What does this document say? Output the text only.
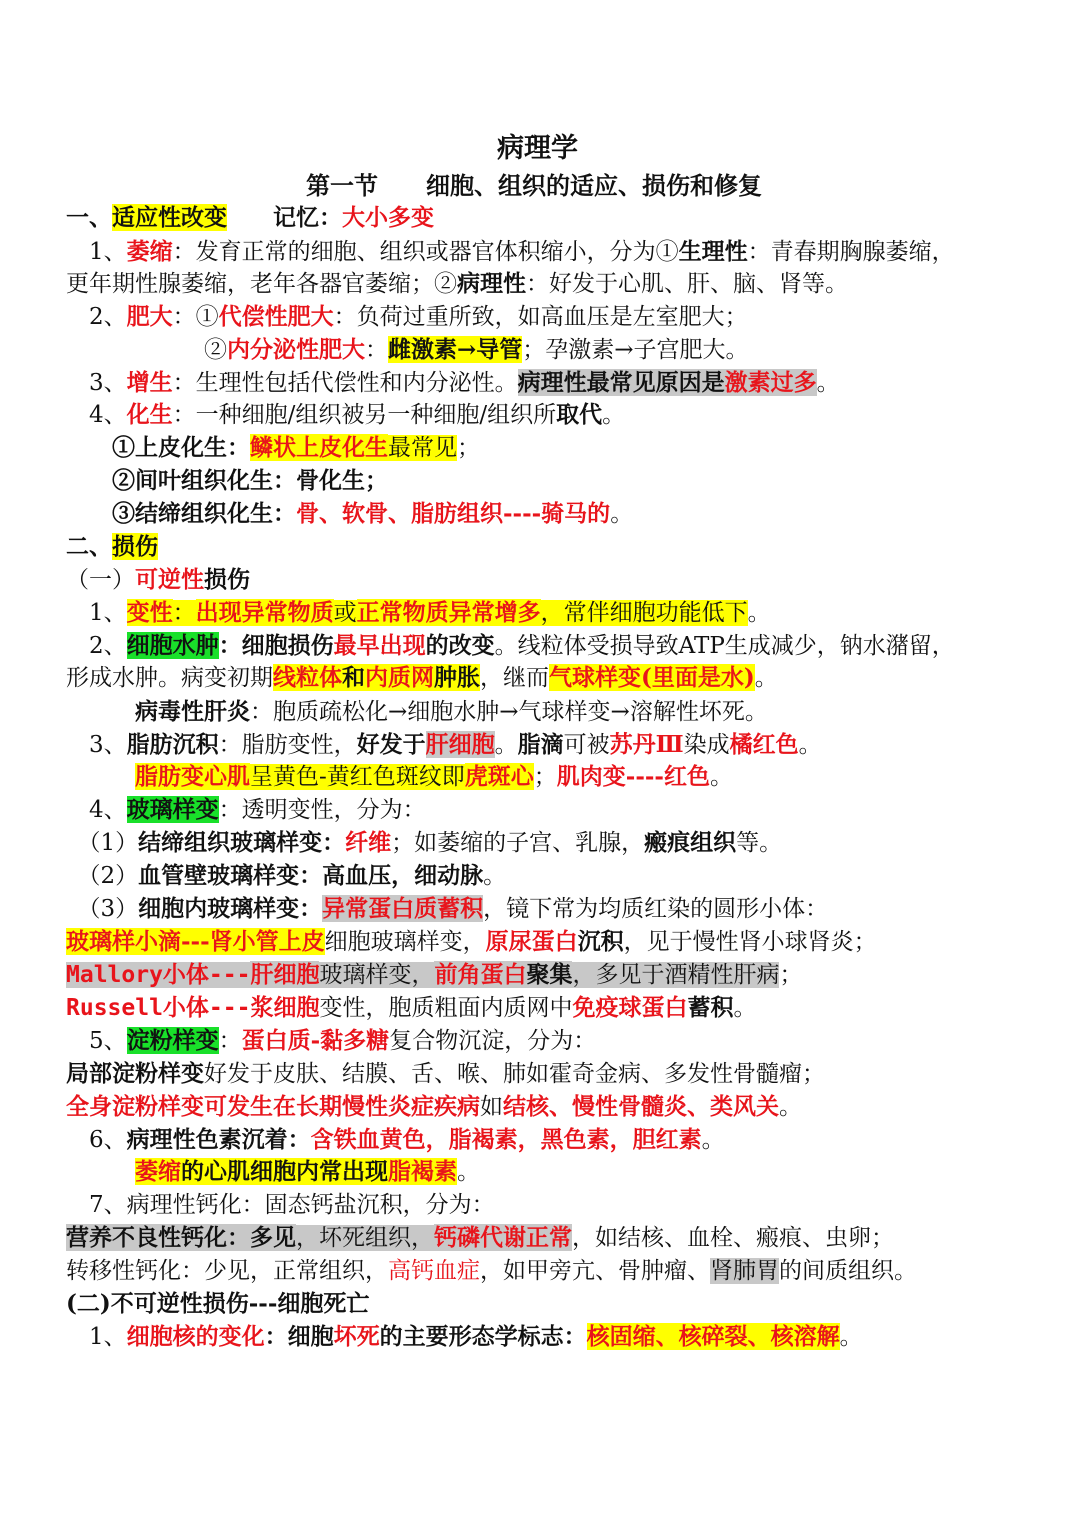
病理学
第一节　　细胞、组织的适应、损伤和修复
一、适应性改变　　记忆：大小多变
　1、萎缩：发育正常的细胞、组织或器官体积缩小，分为①生理性：青春期胸腺萎缩，
更年期性腺萎缩，老年各器官萎缩；②病理性：好发于心肌、肝、脑、肾等。
　2、肥大：①代偿性肥大：负荷过重所致，如高血压是左室肥大；
　　　　　　②内分泌性肥大：雌激素→导管；孕激素→子宫肥大。
　3、增生：生理性包括代偿性和内分泌性。病理性最常见原因是激素过多。
　4、化生：一种细胞/组织被另一种细胞/组织所取代。
　　①上皮化生：鳞状上皮化生最常见；
　　②间叶组织化生：骨化生；
　　③结缔组织化生：骨、软骨、脂肪组织----骑马的。
二、损伤
（一）可逆性损伤
　1、变性：出现异常物质或正常物质异常增多，常伴细胞功能低下。
　2、细胞水肿：细胞损伤最早出现的改变。线粒体受损导致ATP生成减少，钠水潴留，
形成水肿。病变初期线粒体和内质网肿胀，继而气球样变(里面是水)。
　　　病毒性肝炎：胞质疏松化→细胞水肿→气球样变→溶解性坏死。
　3、脂肪沉积：脂肪变性，好发于肝细胞。脂滴可被苏丹Ⅲ染成橘红色。
　　　脂肪变心肌呈黄色-黄红色斑纹即虎斑心；肌肉变----红色。
　4、玻璃样变：透明变性，分为：
　（1）结缔组织玻璃样变：纤维；如萎缩的子宫、乳腺，瘢痕组织等。
　（2）血管壁玻璃样变：高血压，细动脉。
　（3）细胞内玻璃样变：异常蛋白质蓄积，镜下常为均质红染的圆形小体：
玻璃样小滴---肾小管上皮细胞玻璃样变，原尿蛋白沉积，见于慢性肾小球肾炎；
Mallory小体---肝细胞玻璃样变，前角蛋白聚集，多见于酒精性肝病；
Russell小体---浆细胞变性，胞质粗面内质网中免疫球蛋白蓄积。
　5、淀粉样变：蛋白质-黏多糖复合物沉淀，分为：
局部淀粉样变好发于皮肤、结膜、舌、喉、肺如霍奇金病、多发性骨髓瘤；
全身淀粉样变可发生在长期慢性炎症疾病如结核、慢性骨髓炎、类风关。
　6、病理性色素沉着：含铁血黄色，脂褐素，黑色素，胆红素。
　　　萎缩的心肌细胞内常出现脂褐素。
　7、病理性钙化：固态钙盐沉积，分为：
营养不良性钙化：多见，坏死组织，钙磷代谢正常，如结核、血栓、瘢痕、虫卵；
转移性钙化：少见，正常组织，高钙血症，如甲旁亢、骨肿瘤、肾肺胃的间质组织。
(二)不可逆性损伤---细胞死亡
　1、细胞核的变化：细胞坏死的主要形态学标志：核固缩、核碎裂、核溶解。
